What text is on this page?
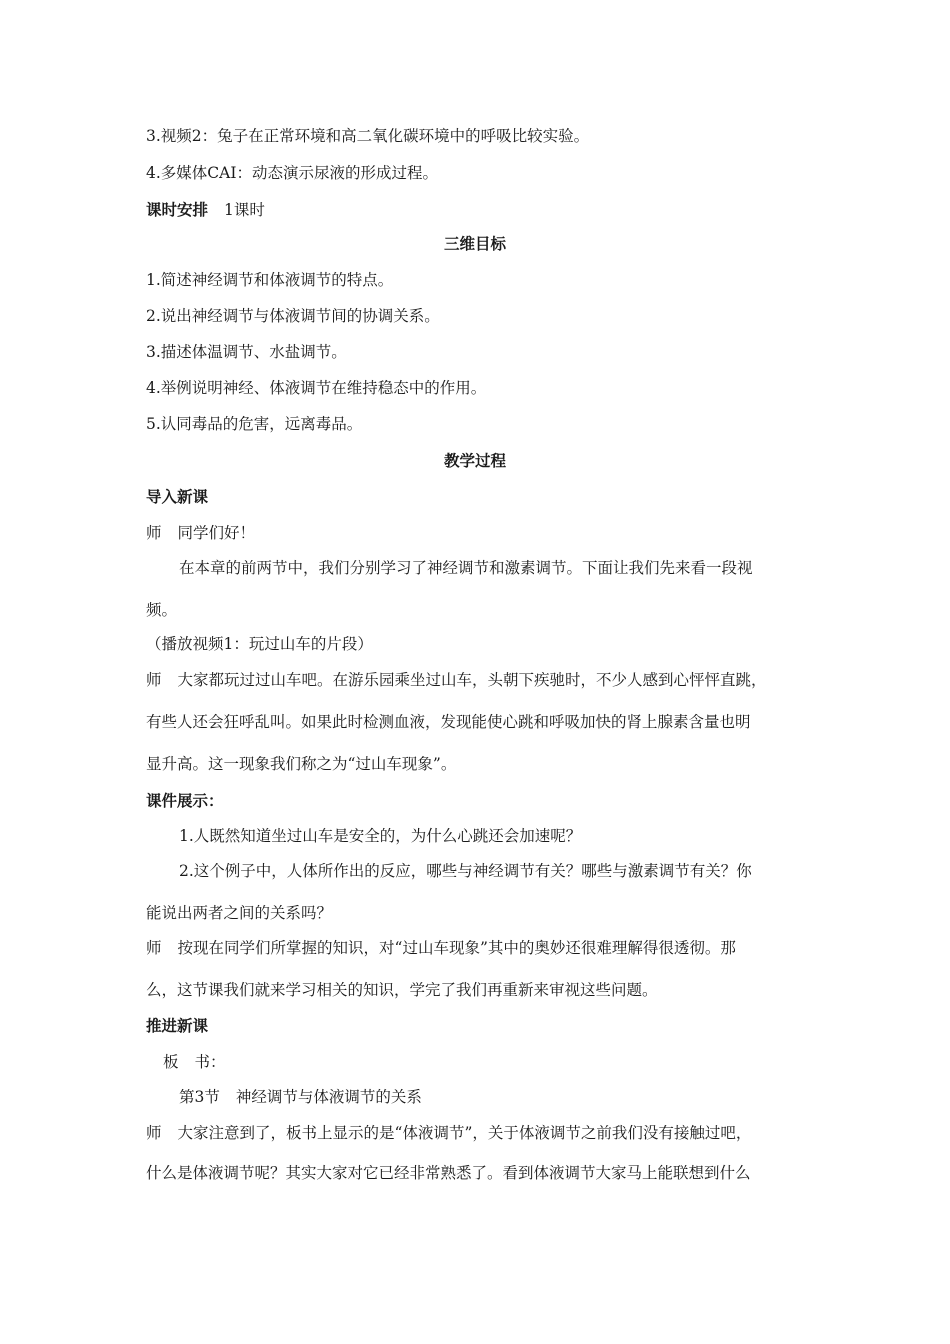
3.视频2：兔子在正常环境和高二氧化碳环境中的呼吸比较实验。
4.多媒体CAI：动态演示尿液的形成过程。
课时安排 1课时
三维目标
1.简述神经调节和体液调节的特点。
2.说出神经调节与体液调节间的协调关系。
3.描述体温调节、水盐调节。
4.举例说明神经、体液调节在维持稳态中的作用。
5.认同毒品的危害，远离毒品。
教学过程
导入新课
师 同学们好！
在本章的前两节中，我们分别学习了神经调节和激素调节。下面让我们先来看一段视
频。
（播放视频1：玩过山车的片段）
师 大家都玩过过山车吧。在游乐园乘坐过山车，头朝下疾驰时，不少人感到心怦怦直跳，
有些人还会狂呼乱叫。如果此时检测血液，发现能使心跳和呼吸加快的肾上腺素含量也明
显升高。这一现象我们称之为“过山车现象”。
课件展示：
1.人既然知道坐过山车是安全的，为什么心跳还会加速呢？
2.这个例子中，人体所作出的反应，哪些与神经调节有关？哪些与激素调节有关？你
能说出两者之间的关系吗？
师 按现在同学们所掌握的知识，对“过山车现象”其中的奥妙还很难理解得很透彻。那
么，这节课我们就来学习相关的知识，学完了我们再重新来审视这些问题。
推进新课
板 书：
第3节 神经调节与体液调节的关系
师 大家注意到了，板书上显示的是“体液调节”，关于体液调节之前我们没有接触过吧，
什么是体液调节呢？其实大家对它已经非常熟悉了。看到体液调节大家马上能联想到什么
